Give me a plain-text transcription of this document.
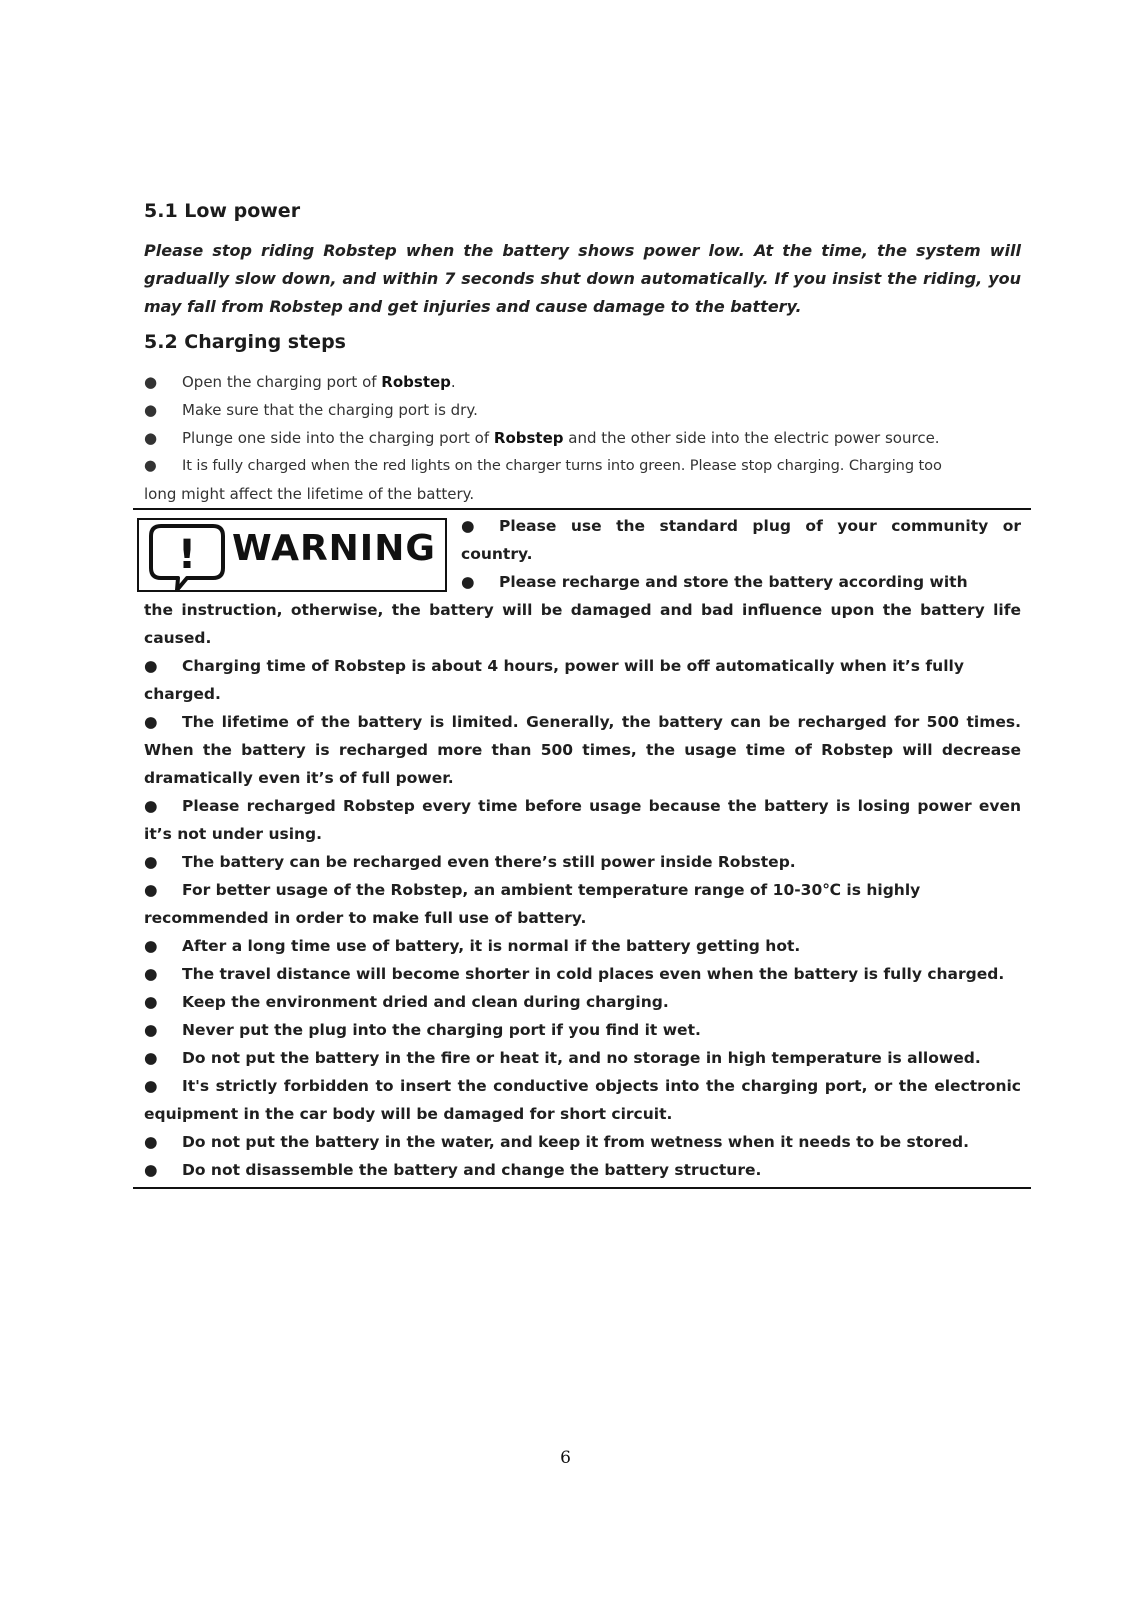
5.1 Low power
Please stop riding Robstep when the battery shows power low. At the time, the system will
gradually slow down, and within 7 seconds shut down automatically. If you insist the riding, you
may fall from Robstep and get injuries and cause damage to the battery.
5.2 Charging steps
● Open the charging port of Robstep.
● Make sure that the charging port is dry.
● Plunge one side into the charging port of Robstep and the other side into the electric power source.
● It is fully charged when the red lights on the charger turns into green. Please stop charging. Charging too
long might affect the lifetime of the battery.
! WARNING
● Please use the standard plug of your community or
country.
● Please recharge and store the battery according with
the instruction, otherwise, the battery will be damaged and bad influence upon the battery life
caused.
● Charging time of Robstep is about 4 hours, power will be off automatically when it’s fully
charged.
● The lifetime of the battery is limited. Generally, the battery can be recharged for 500 times.
When the battery is recharged more than 500 times, the usage time of Robstep will decrease
dramatically even it’s of full power.
● Please recharged Robstep every time before usage because the battery is losing power even
it’s not under using.
● The battery can be recharged even there’s still power inside Robstep.
● For better usage of the Robstep, an ambient temperature range of 10-30℃ is highly
recommended in order to make full use of battery.
● After a long time use of battery, it is normal if the battery getting hot.
● The travel distance will become shorter in cold places even when the battery is fully charged.
● Keep the environment dried and clean during charging.
● Never put the plug into the charging port if you find it wet.
● Do not put the battery in the fire or heat it, and no storage in high temperature is allowed.
● It's strictly forbidden to insert the conductive objects into the charging port, or the electronic
equipment in the car body will be damaged for short circuit.
● Do not put the battery in the water, and keep it from wetness when it needs to be stored.
● Do not disassemble the battery and change the battery structure.
6
